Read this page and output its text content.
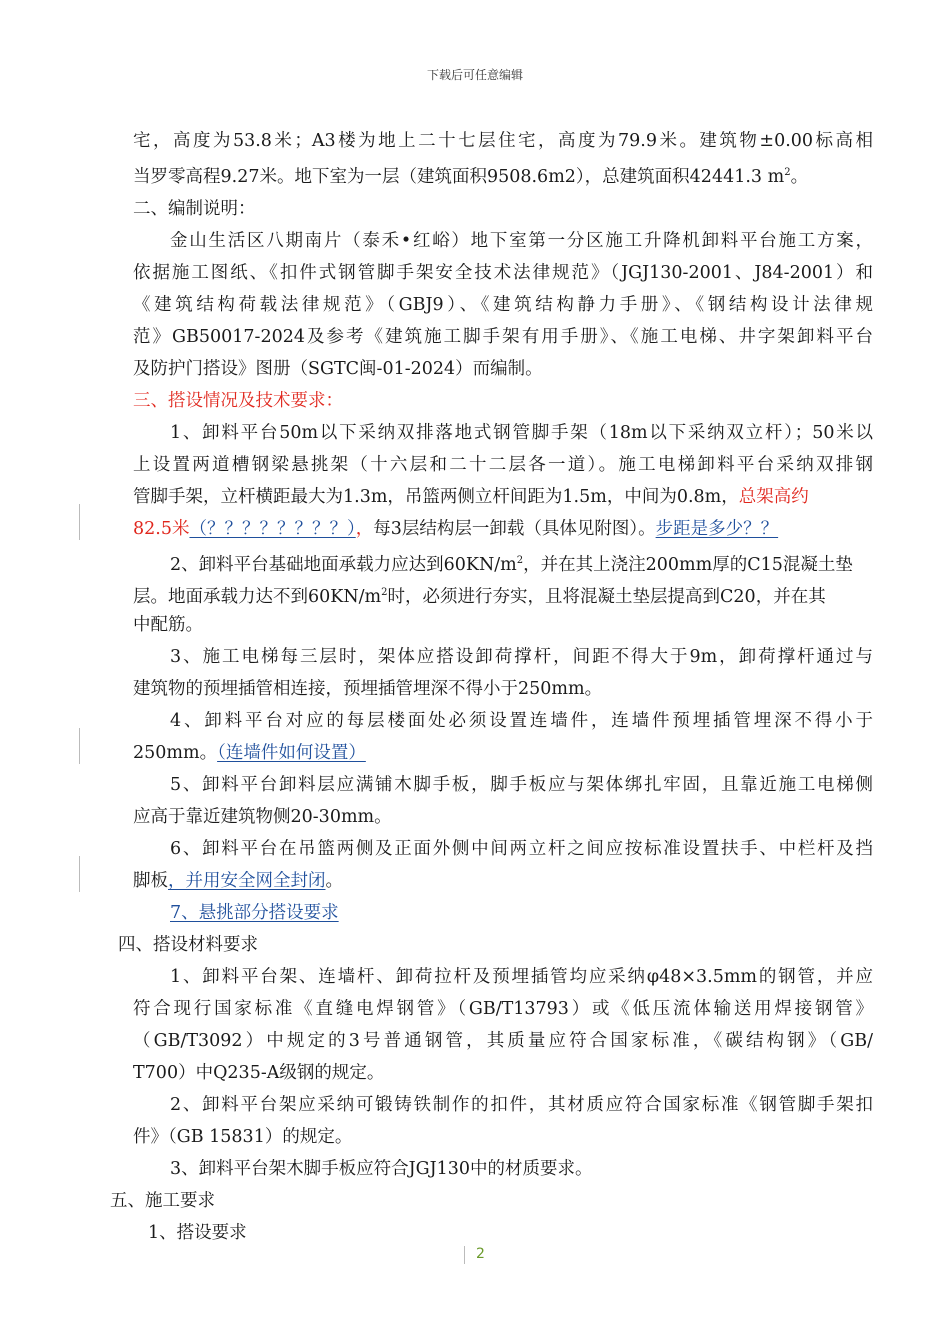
下载后可任意编辑
宅，高度为53.8米；A3楼为地上二十七层住宅，高度为79.9米。建筑物±0.00标高相
当罗零高程9.27米。地下室为一层（建筑面积9508.6m2），总建筑面积42441.3 $m^2$。
二、编制说明：
金山生活区八期南片（泰禾•红峪）地下室第一分区施工升降机卸料平台施工方案，
依据施工图纸、《扣件式钢管脚手架安全技术法律规范》（JGJ130-2001、J84-2001）和
《建筑结构荷载法律规范》（GBJ9）、《建筑结构静力手册》、《钢结构设计法律规
范》GB50017-2024及参考《建筑施工脚手架有用手册》、《施工电梯、井字架卸料平台
及防护门搭设》图册（SGTC闽-01-2024）而编制。
三、搭设情况及技术要求：
1、卸料平台50m以下采纳双排落地式钢管脚手架（18m以下采纳双立杆）；50米以
上设置两道槽钢梁悬挑架（十六层和二十二层各一道）。施工电梯卸料平台采纳双排钢
管脚手架，立杆横距最大为1.3m，吊篮两侧立杆间距为1.5m，中间为0.8m，总架高约
82.5米（？？？？？？？？），每3层结构层一卸载（具体见附图）。步距是多少？？
2、卸料平台基础地面承载力应达到$60KN/m^2$，并在其上浇注200mm厚的C15混凝土垫
层。地面承载力达不到$60KN/m^2$时，必须进行夯实，且将混凝土垫层提高到C20，并在其
中配筋。
3、施工电梯每三层时，架体应搭设卸荷撑杆，间距不得大于9m，卸荷撑杆通过与
建筑物的预埋插管相连接，预埋插管埋深不得小于250mm。
4、卸料平台对应的每层楼面处必须设置连墙件，连墙件预埋插管埋深不得小于
250mm。（连墙件如何设置）
5、卸料平台卸料层应满铺木脚手板，脚手板应与架体绑扎牢固，且靠近施工电梯侧
应高于靠近建筑物侧20-30mm。
6、卸料平台在吊篮两侧及正面外侧中间两立杆之间应按标准设置扶手、中栏杆及挡
脚板，并用安全网全封闭。
7、悬挑部分搭设要求
四、搭设材料要求
1、卸料平台架、连墙杆、卸荷拉杆及预埋插管均应采纳φ48×3.5mm的钢管，并应
符合现行国家标准《直缝电焊钢管》（GB/T13793）或《低压流体输送用焊接钢管》
（GB/T3092）中规定的3号普通钢管，其质量应符合国家标准，《碳结构钢》（GB/
T700）中Q235-A级钢的规定。
2、卸料平台架应采纳可锻铸铁制作的扣件，其材质应符合国家标准《钢管脚手架扣
件》（GB 15831）的规定。
3、卸料平台架木脚手板应符合JGJ130中的材质要求。
五、施工要求
1、搭设要求
2
